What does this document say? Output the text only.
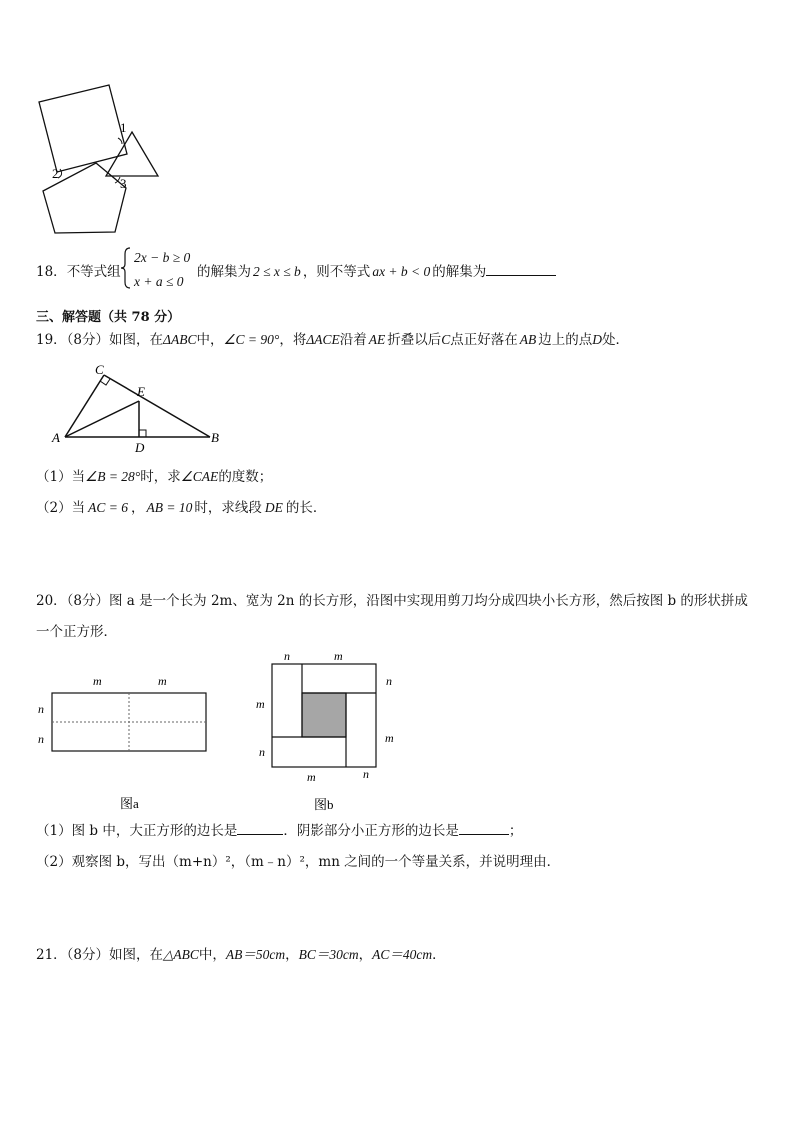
1
2
3
18．不等式组
2x − b ≥ 0
x + a ≤ 0
的解集为 2 ≤ x ≤ b ，则不等式 ax + b < 0 的解集为
三、解答题（共 78 分）
19．（8分）如图，在ΔABC中，∠C = 90°，将ΔACE沿着 AE 折叠以后C点正好落在 AB 边上的点D处．
C
E
A
D
B
（1）当∠B = 28°时，求∠CAE的度数；
（2）当 AC = 6 ， AB = 10 时，求线段 DE 的长．
20．（8分）图 a 是一个长为 2m、宽为 2n 的长方形，沿图中实现用剪刀均分成四块小长方形，然后按图 b 的形状拼成
一个正方形．
m	m
n
n
图a
n	m
n
m
m
n
m	n
图b
（1）图 b 中，大正方形的边长是	．阴影部分小正方形的边长是	；
（2）观察图 b，写出（m+n）²，（m﹣n）²，mn 之间的一个等量关系，并说明理由．
21．（8分）如图，在△ABC中，AB＝50cm，BC＝30cm，AC＝40cm．
